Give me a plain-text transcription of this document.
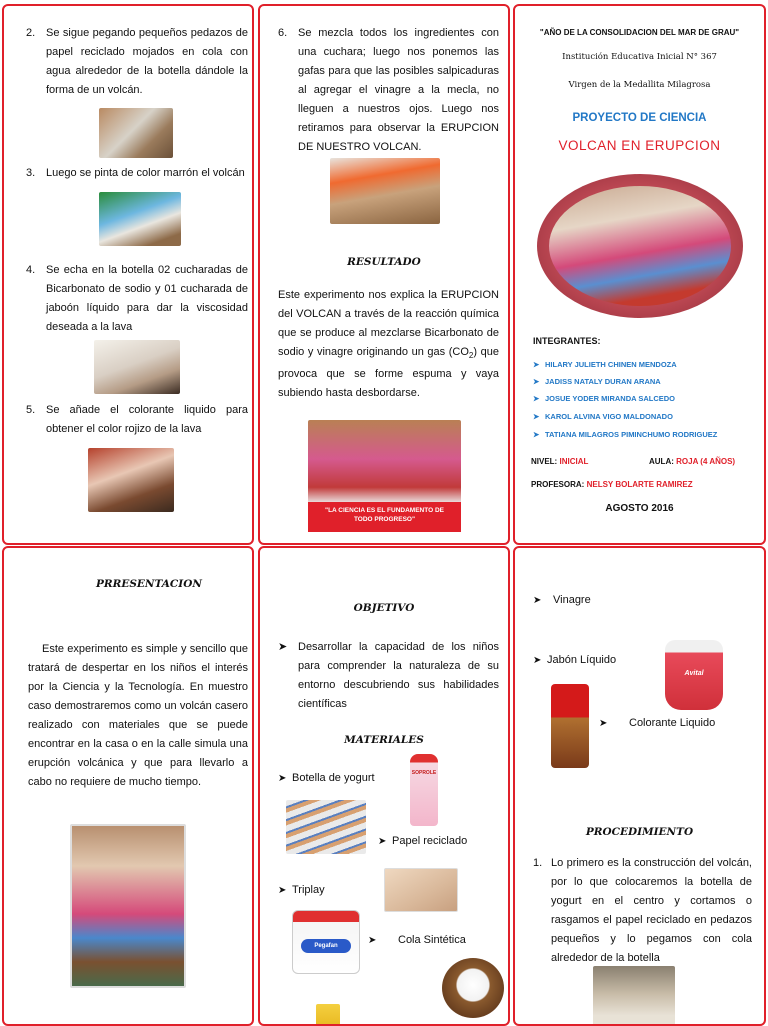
2. Se sigue pegando pequeños pedazos de papel reciclado mojados en cola con agua alrededor de la botella dándole la forma de un volcán.
3. Luego se pinta de color marrón el volcán
4. Se echa en la botella 02 cucharadas de Bicarbonato de sodio y 01 cucharada de jaboón líquido para dar la viscosidad deseada a la lava
5. Se añade el colorante liquido para obtener el color rojizo de la lava
6. Se mezcla todos los ingredientes con una cuchara; luego nos ponemos las gafas para que las posibles salpicaduras al agregar el vinagre a la mecla, no lleguen a nuestros ojos. Luego nos retiramos para observar la ERUPCION DE NUESTRO VOLCAN.
RESULTADO
Este experimento nos explica la ERUPCION del VOLCAN a través de la reacción química que se produce al mezclarse Bicarbonato de sodio y vinagre originando un gas $(CO_2)$ que provoca que se forme espuma y vaya subiendo hasta desbordarse.
"LA CIENCIA ES EL FUNDAMENTO DE TODO PROGRESO"
"AÑO DE LA CONSOLIDACION DEL MAR DE GRAU"
Institución Educativa Inicial N° 367
Virgen de la Medallita Milagrosa
PROYECTO DE CIENCIA
VOLCAN EN ERUPCION
INTEGRANTES:
➤ HILARY JULIETH CHINEN MENDOZA
➤ JADISS NATALY DURAN ARANA
➤ JOSUE YODER MIRANDA SALCEDO
➤ KAROL ALVINA VIGO MALDONADO
➤ TATIANA MILAGROS PIMINCHUMO RODRIGUEZ
NIVEL: INICIAL	AULA: ROJA (4 AÑOS)
PROFESORA: NELSY BOLARTE RAMIREZ
AGOSTO 2016
PRRESENTACION
Este experimento es simple y sencillo que tratará de despertar en los niños el interés por la Ciencia y la Tecnología. En muestro caso demostraremos como un volcán casero realizado con materiales que se puede encontrar en la casa o en la calle simula una erupción volcánica y que para llevarlo a cabo no requiere de mucho tiempo.
OBJETIVO
➤ Desarrollar la capacidad de los niños para comprender la naturaleza de su entorno descubriendo sus habilidades científicas
MATERIALES
➤ Botella de yogurt	SOPROLE
➤ Papel reciclado
➤ Triplay
Pegafan	➤ Cola Sintética
➤ Vinagre
➤ Jabón Líquido
Avital
➤ Colorante Liquido
PROCEDIMIENTO
1. Lo primero es la construcción del volcán, por lo que colocaremos la botella de yogurt en el centro y cortamos o rasgamos el papel reciclado en pedazos pequeños y lo pegamos con cola alrededor de la botella
